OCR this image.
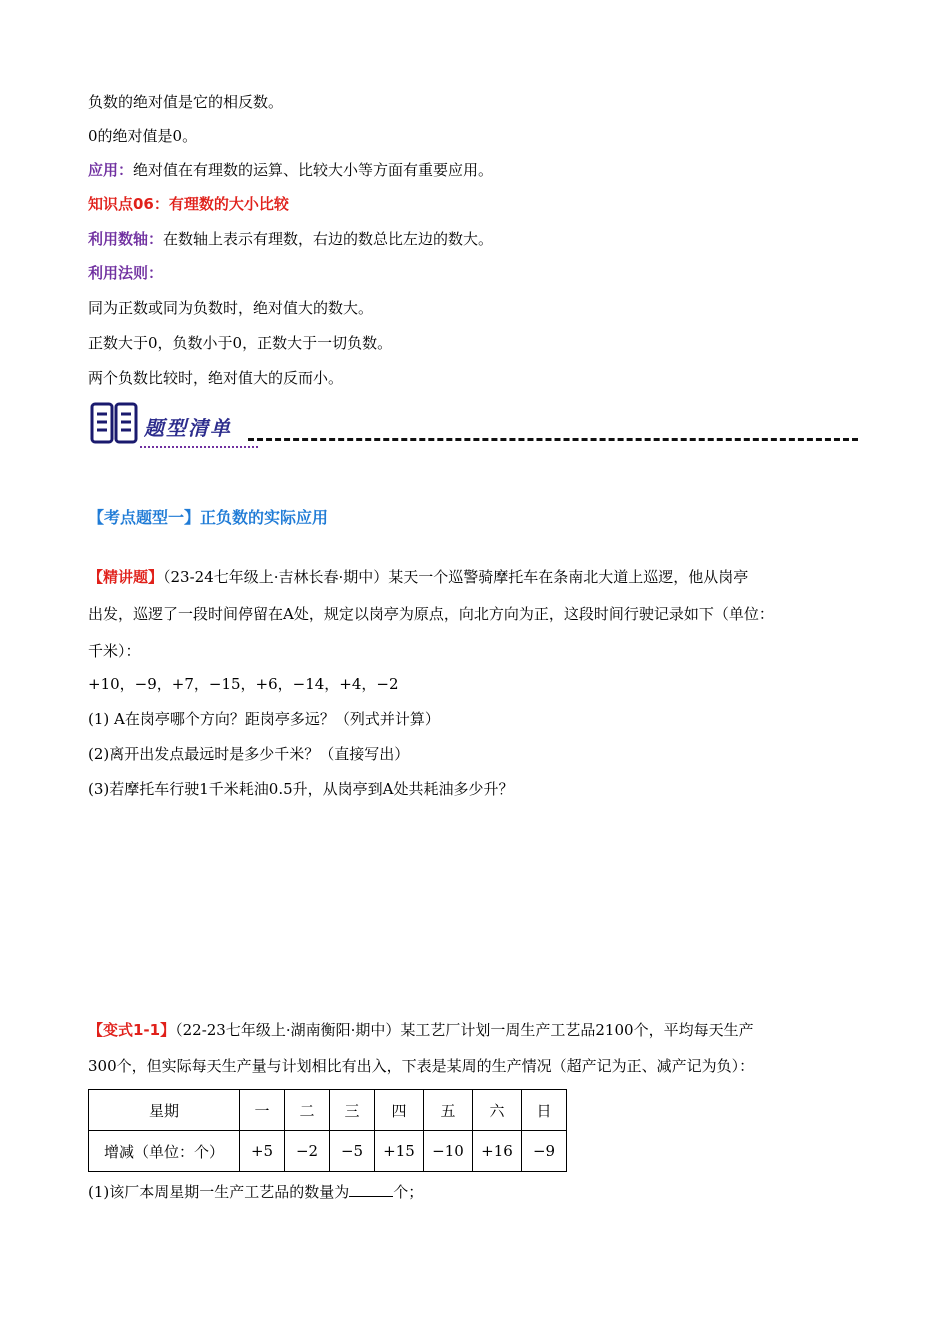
负数的绝对值是它的相反数。
0的绝对值是0。
应用：绝对值在有理数的运算、比较大小等方面有重要应用。
知识点06：有理数的大小比较
利用数轴：在数轴上表示有理数，右边的数总比左边的数大。
利用法则：
同为正数或同为负数时，绝对值大的数大。
正数大于0，负数小于0，正数大于一切负数。
两个负数比较时，绝对值大的反而小。
题型清单
【考点题型一】正负数的实际应用
【精讲题】（23-24七年级上·吉林长春·期中）某天一个巡警骑摩托车在条南北大道上巡逻，他从岗亭
出发，巡逻了一段时间停留在A处，规定以岗亭为原点，向北方向为正，这段时间行驶记录如下（单位：
千米）：
+10，−9，+7，−15，+6，−14，+4，−2
(1) A在岗亭哪个方向？距岗亭多远？（列式并计算）
(2)离开出发点最远时是多少千米？（直接写出）
(3)若摩托车行驶1千米耗油0.5升，从岗亭到A处共耗油多少升？
【变式1-1】（22-23七年级上·湖南衡阳·期中）某工艺厂计划一周生产工艺品2100个，平均每天生产
300个，但实际每天生产量与计划相比有出入，下表是某周的生产情况（超产记为正、减产记为负）：
星期	一	二	三	四	五	六	日
增减（单位：个）	+5	−2	−5	+15	−10	+16	−9
(1)该厂本周星期一生产工艺品的数量为	个；
